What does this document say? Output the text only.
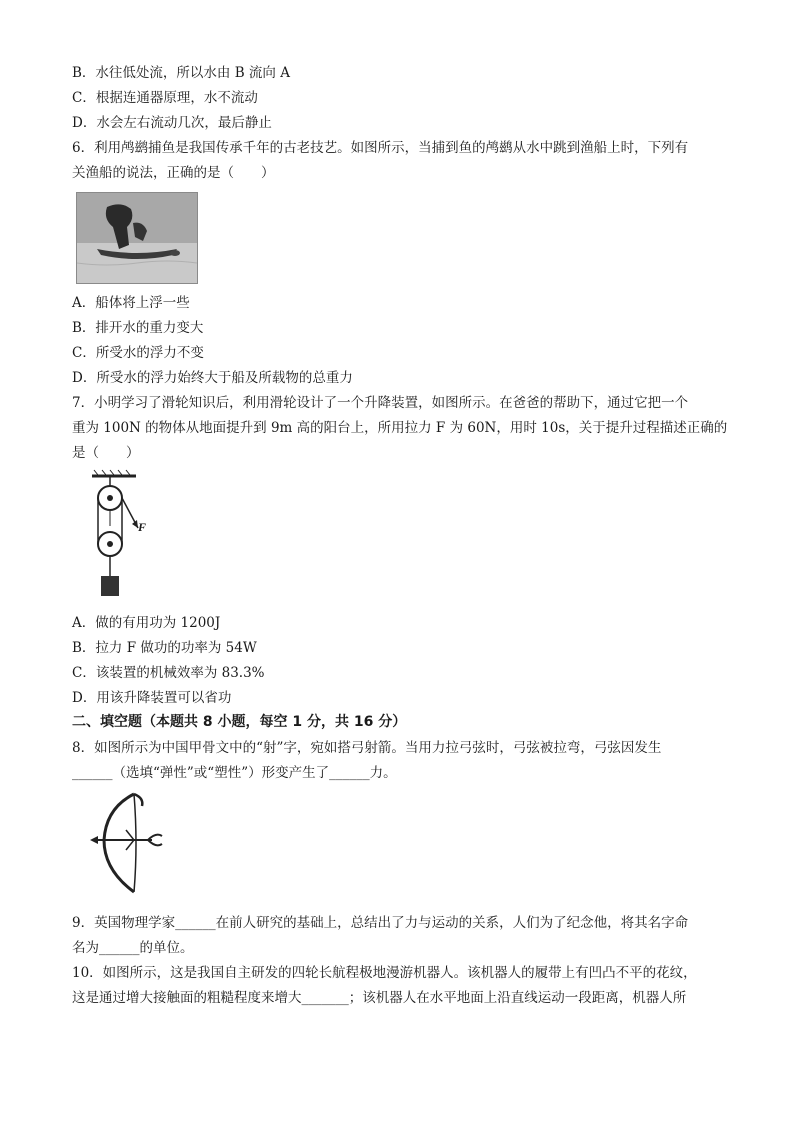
B．水往低处流，所以水由 B 流向 A
C．根据连通器原理，水不流动
D．水会左右流动几次，最后静止
6．利用鸬鹚捕鱼是我国传承千年的古老技艺。如图所示，当捕到鱼的鸬鹚从水中跳到渔船上时，下列有
关渔船的说法，正确的是（　　）
A．船体将上浮一些
B．排开水的重力变大
C．所受水的浮力不变
D．所受水的浮力始终大于船及所载物的总重力
7．小明学习了滑轮知识后，利用滑轮设计了一个升降装置，如图所示。在爸爸的帮助下，通过它把一个
重为 100N 的物体从地面提升到 9m 高的阳台上，所用拉力 F 为 60N，用时 10s，关于提升过程描述正确的
是（　　）
F
A．做的有用功为 1200J
B．拉力 F 做功的功率为 54W
C．该装置的机械效率为 83.3%
D．用该升降装置可以省功
二、填空题（本题共 8 小题，每空 1 分，共 16 分）
8．如图所示为中国甲骨文中的“射”字，宛如搭弓射箭。当用力拉弓弦时，弓弦被拉弯，弓弦因发生
______（选填“弹性”或“塑性”）形变产生了______力。
9．英国物理学家______在前人研究的基础上，总结出了力与运动的关系，人们为了纪念他，将其名字命
名为______的单位。
10．如图所示，这是我国自主研发的四轮长航程极地漫游机器人。该机器人的履带上有凹凸不平的花纹，
这是通过增大接触面的粗糙程度来增大_______；该机器人在水平地面上沿直线运动一段距离，机器人所
